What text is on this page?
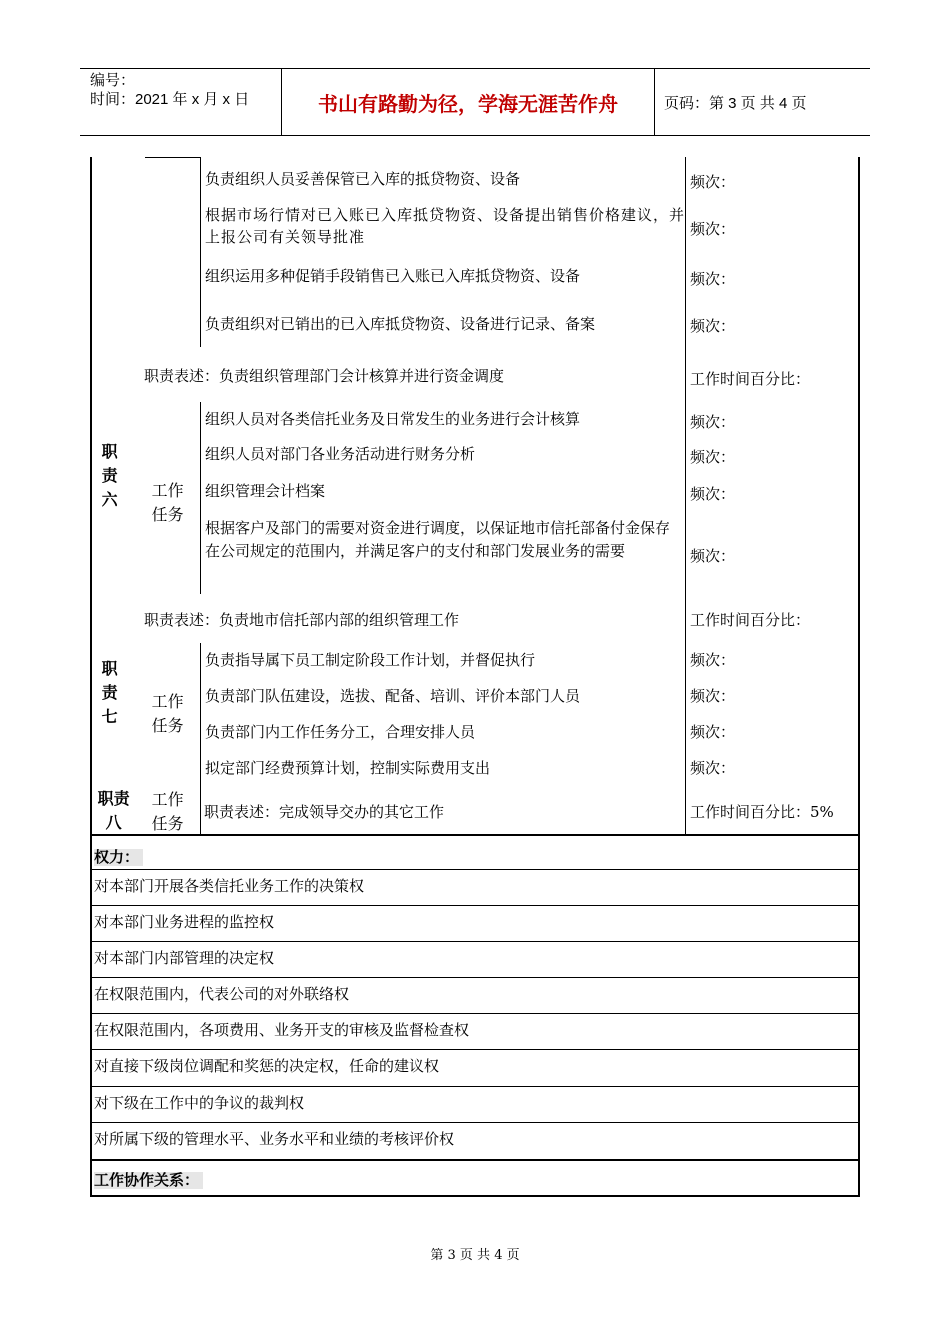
编号：
时间：2021 年 x 月 x 日	书山有路勤为径，学海无涯苦作舟	页码：第 3 页 共 4 页
负责组织人员妥善保管已入库的抵贷物资、设备	频次：
根据市场行情对已入账已入库抵贷物资、设备提出销售价格建议，并上报公司有关领导批准	频次：
组织运用多种促销手段销售已入账已入库抵贷物资、设备	频次：
负责组织对已销出的已入库抵贷物资、设备进行记录、备案	频次：
职责表述：负责组织管理部门会计核算并进行资金调度	工作时间百分比：
职责六 工作任务
组织人员对各类信托业务及日常发生的业务进行会计核算	频次：
组织人员对部门各业务活动进行财务分析	频次：
组织管理会计档案	频次：
根据客户及部门的需要对资金进行调度，以保证地市信托部备付金保存在公司规定的范围内，并满足客户的支付和部门发展业务的需要	频次：
职责表述：负责地市信托部内部的组织管理工作	工作时间百分比：
职责七
工作任务
负责指导属下员工制定阶段工作计划，并督促执行	频次：
负责部门队伍建设，选拔、配备、培训、评价本部门人员	频次：
负责部门内工作任务分工，合理安排人员	频次：
拟定部门经费预算计划，控制实际费用支出	频次：
职责八
工作任务
职责表述：完成领导交办的其它工作	工作时间百分比：5%
权力：
对本部门开展各类信托业务工作的决策权
对本部门业务进程的监控权
对本部门内部管理的决定权
在权限范围内，代表公司的对外联络权
在权限范围内，各项费用、业务开支的审核及监督检查权
对直接下级岗位调配和奖惩的决定权，任命的建议权
对下级在工作中的争议的裁判权
对所属下级的管理水平、业务水平和业绩的考核评价权
工作协作关系：
第 3 页 共 4 页
